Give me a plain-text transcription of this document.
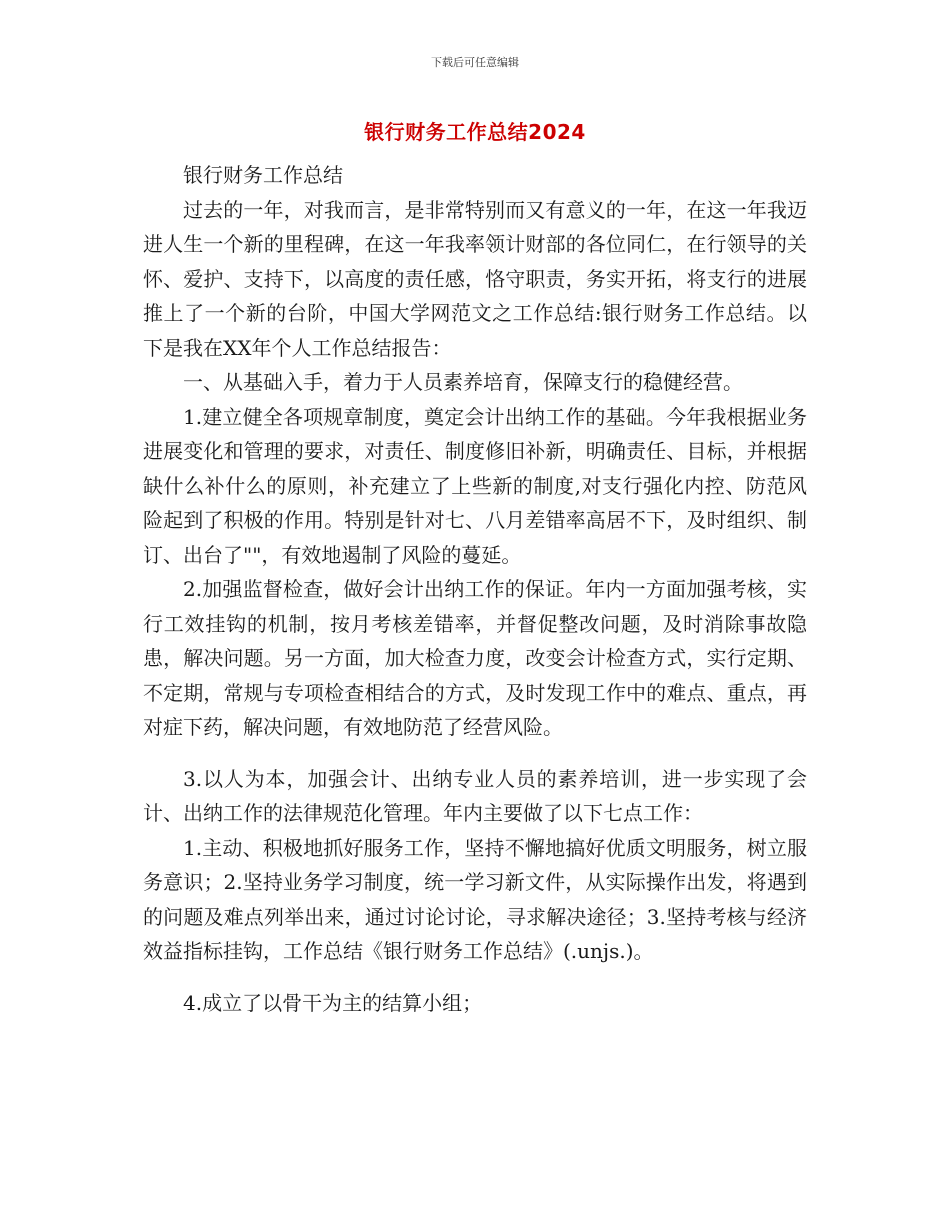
下载后可任意编辑
银行财务工作总结2024

银行财务工作总结

过去的一年，对我而言，是非常特别而又有意义的一年，在这一年我迈进人生一个新的里程碑，在这一年我率领计财部的各位同仁，在行领导的关怀、爱护、支持下，以高度的责任感，恪守职责，务实开拓，将支行的进展推上了一个新的台阶，中国大学网范文之工作总结:银行财务工作总结。以下是我在XX年个人工作总结报告：

一、从基础入手，着力于人员素养培育，保障支行的稳健经营。

1.建立健全各项规章制度，奠定会计出纳工作的基础。今年我根据业务进展变化和管理的要求，对责任、制度修旧补新，明确责任、目标，并根据缺什么补什么的原则，补充建立了上些新的制度,对支行强化内控、防范风险起到了积极的作用。特别是针对七、八月差错率高居不下，及时组织、制订、出台了""，有效地遏制了风险的蔓延。

2.加强监督检查，做好会计出纳工作的保证。年内一方面加强考核，实行工效挂钩的机制，按月考核差错率，并督促整改问题，及时消除事故隐患，解决问题。另一方面，加大检查力度，改变会计检查方式，实行定期、不定期，常规与专项检查相结合的方式，及时发现工作中的难点、重点，再对症下药，解决问题，有效地防范了经营风险。

3.以人为本，加强会计、出纳专业人员的素养培训，进一步实现了会计、出纳工作的法律规范化管理。年内主要做了以下七点工作：

1.主动、积极地抓好服务工作，坚持不懈地搞好优质文明服务，树立服务意识；2.坚持业务学习制度，统一学习新文件，从实际操作出发，将遇到的问题及难点列举出来，通过讨论讨论，寻求解决途径；3.坚持考核与经济效益指标挂钩，工作总结《银行财务工作总结》(.unjs.)。

4.成立了以骨干为主的结算小组；
